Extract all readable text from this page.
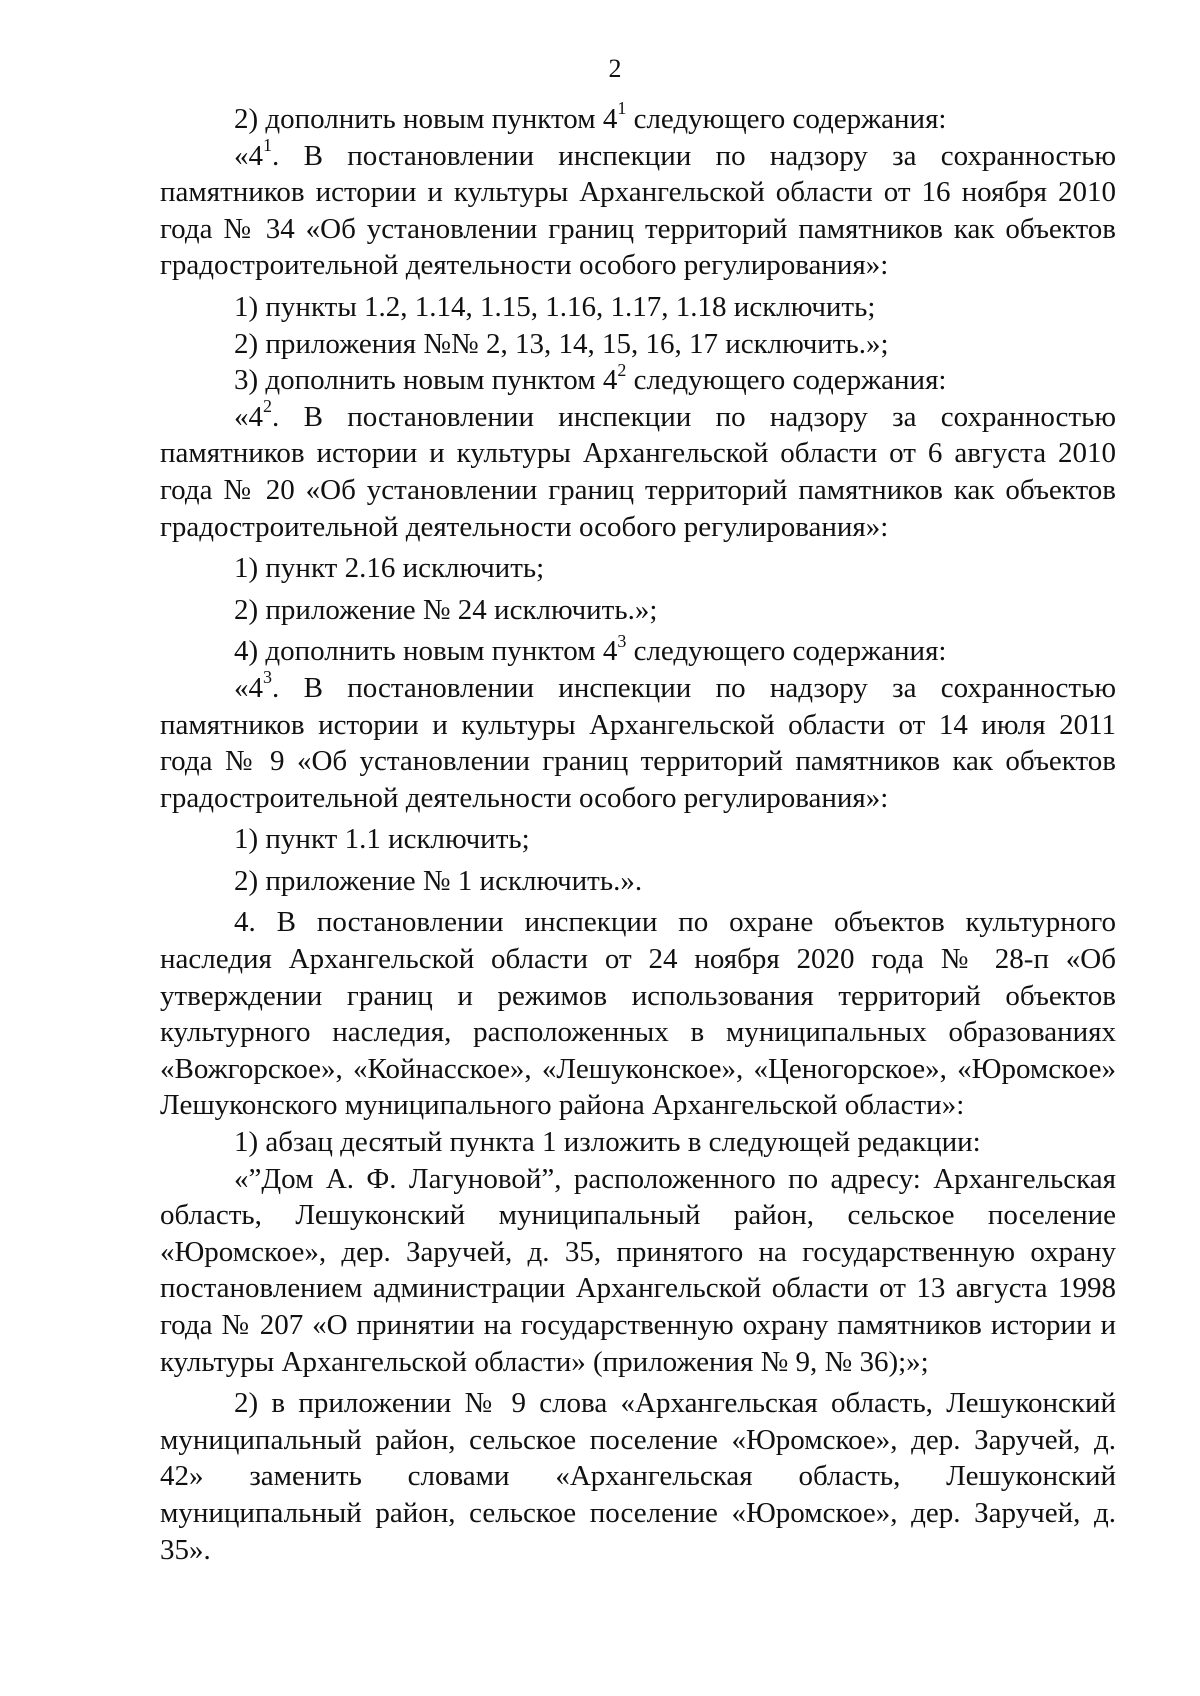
2

2) дополнить новым пунктом $4^1$ следующего содержания:

«$4^1$. В постановлении инспекции по надзору за сохранностью памятников истории и культуры Архангельской области от 16 ноября 2010 года № 34 «Об установлении границ территорий памятников как объектов градостроительной деятельности особого регулирования»:

1) пункты 1.2, 1.14, 1.15, 1.16, 1.17, 1.18 исключить;

2) приложения №№ 2, 13, 14, 15, 16, 17 исключить.»;

3) дополнить новым пунктом $4^2$ следующего содержания:

«$4^2$. В постановлении инспекции по надзору за сохранностью памятников истории и культуры Архангельской области от 6 августа 2010 года № 20 «Об установлении границ территорий памятников как объектов градостроительной деятельности особого регулирования»:

1) пункт 2.16 исключить;

2) приложение № 24 исключить.»;

4) дополнить новым пунктом $4^3$ следующего содержания:

«$4^3$. В постановлении инспекции по надзору за сохранностью памятников истории и культуры Архангельской области от 14 июля 2011 года № 9 «Об установлении границ территорий памятников как объектов градостроительной деятельности особого регулирования»:

1) пункт 1.1 исключить;

2) приложение № 1 исключить.».

4. В постановлении инспекции по охране объектов культурного наследия Архангельской области от 24 ноября 2020 года № 28-п «Об утверждении границ и режимов использования территорий объектов культурного наследия, расположенных в муниципальных образованиях «Вожгорское», «Койнасское», «Лешуконское», «Ценогорское», «Юромское» Лешуконского муниципального района Архангельской области»:

1) абзац десятый пункта 1 изложить в следующей редакции:

«”Дом А. Ф. Лагуновой”, расположенного по адресу: Архангельская область, Лешуконский муниципальный район, сельское поселение «Юромское», дер. Заручей, д. 35, принятого на государственную охрану постановлением администрации Архангельской области от 13 августа 1998 года № 207 «О принятии на государственную охрану памятников истории и культуры Архангельской области» (приложения № 9, № 36);»;

2) в приложении № 9 слова «Архангельская область, Лешуконский муниципальный район, сельское поселение «Юромское», дер. Заручей, д. 42» заменить словами «Архангельская область, Лешуконский муниципальный район, сельское поселение «Юромское», дер. Заручей, д. 35».
